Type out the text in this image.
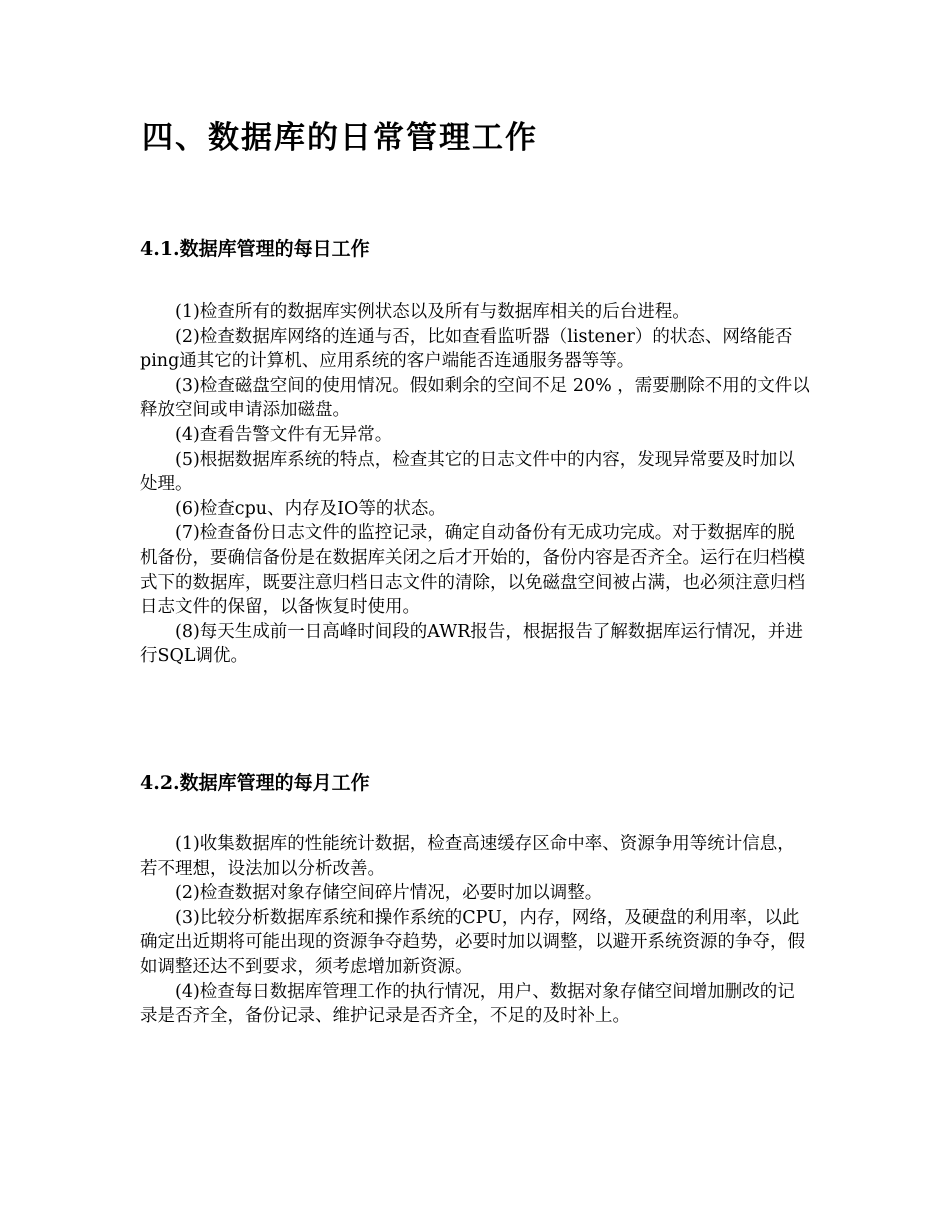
四、数据库的日常管理工作
4.1.数据库管理的每日工作

(1)检查所有的数据库实例状态以及所有与数据库相关的后台进程。

(2)检查数据库网络的连通与否，比如查看监听器（listener）的状态、网络能否ping通其它的计算机、应用系统的客户端能否连通服务器等等。

(3)检查磁盘空间的使用情况。假如剩余的空间不足 20% ，需要删除不用的文件以释放空间或申请添加磁盘。

(4)查看告警文件有无异常。

(5)根据数据库系统的特点，检查其它的日志文件中的内容，发现异常要及时加以处理。

(6)检查cpu、内存及IO等的状态。

(7)检查备份日志文件的监控记录，确定自动备份有无成功完成。对于数据库的脱机备份，要确信备份是在数据库关闭之后才开始的，备份内容是否齐全。运行在归档模式下的数据库，既要注意归档日志文件的清除，以免磁盘空间被占满，也必须注意归档日志文件的保留，以备恢复时使用。

(8)每天生成前一日高峰时间段的AWR报告，根据报告了解数据库运行情况，并进行SQL调优。

4.2.数据库管理的每月工作

(1)收集数据库的性能统计数据，检查高速缓存区命中率、资源争用等统计信息，若不理想，设法加以分析改善。

(2)检查数据对象存储空间碎片情况，必要时加以调整。

(3)比较分析数据库系统和操作系统的CPU，内存，网络，及硬盘的利用率，以此确定出近期将可能出现的资源争夺趋势，必要时加以调整，以避开系统资源的争夺，假如调整还达不到要求，须考虑增加新资源。

(4)检查每日数据库管理工作的执行情况，用户、数据对象存储空间增加删改的记录是否齐全，备份记录、维护记录是否齐全，不足的及时补上。
